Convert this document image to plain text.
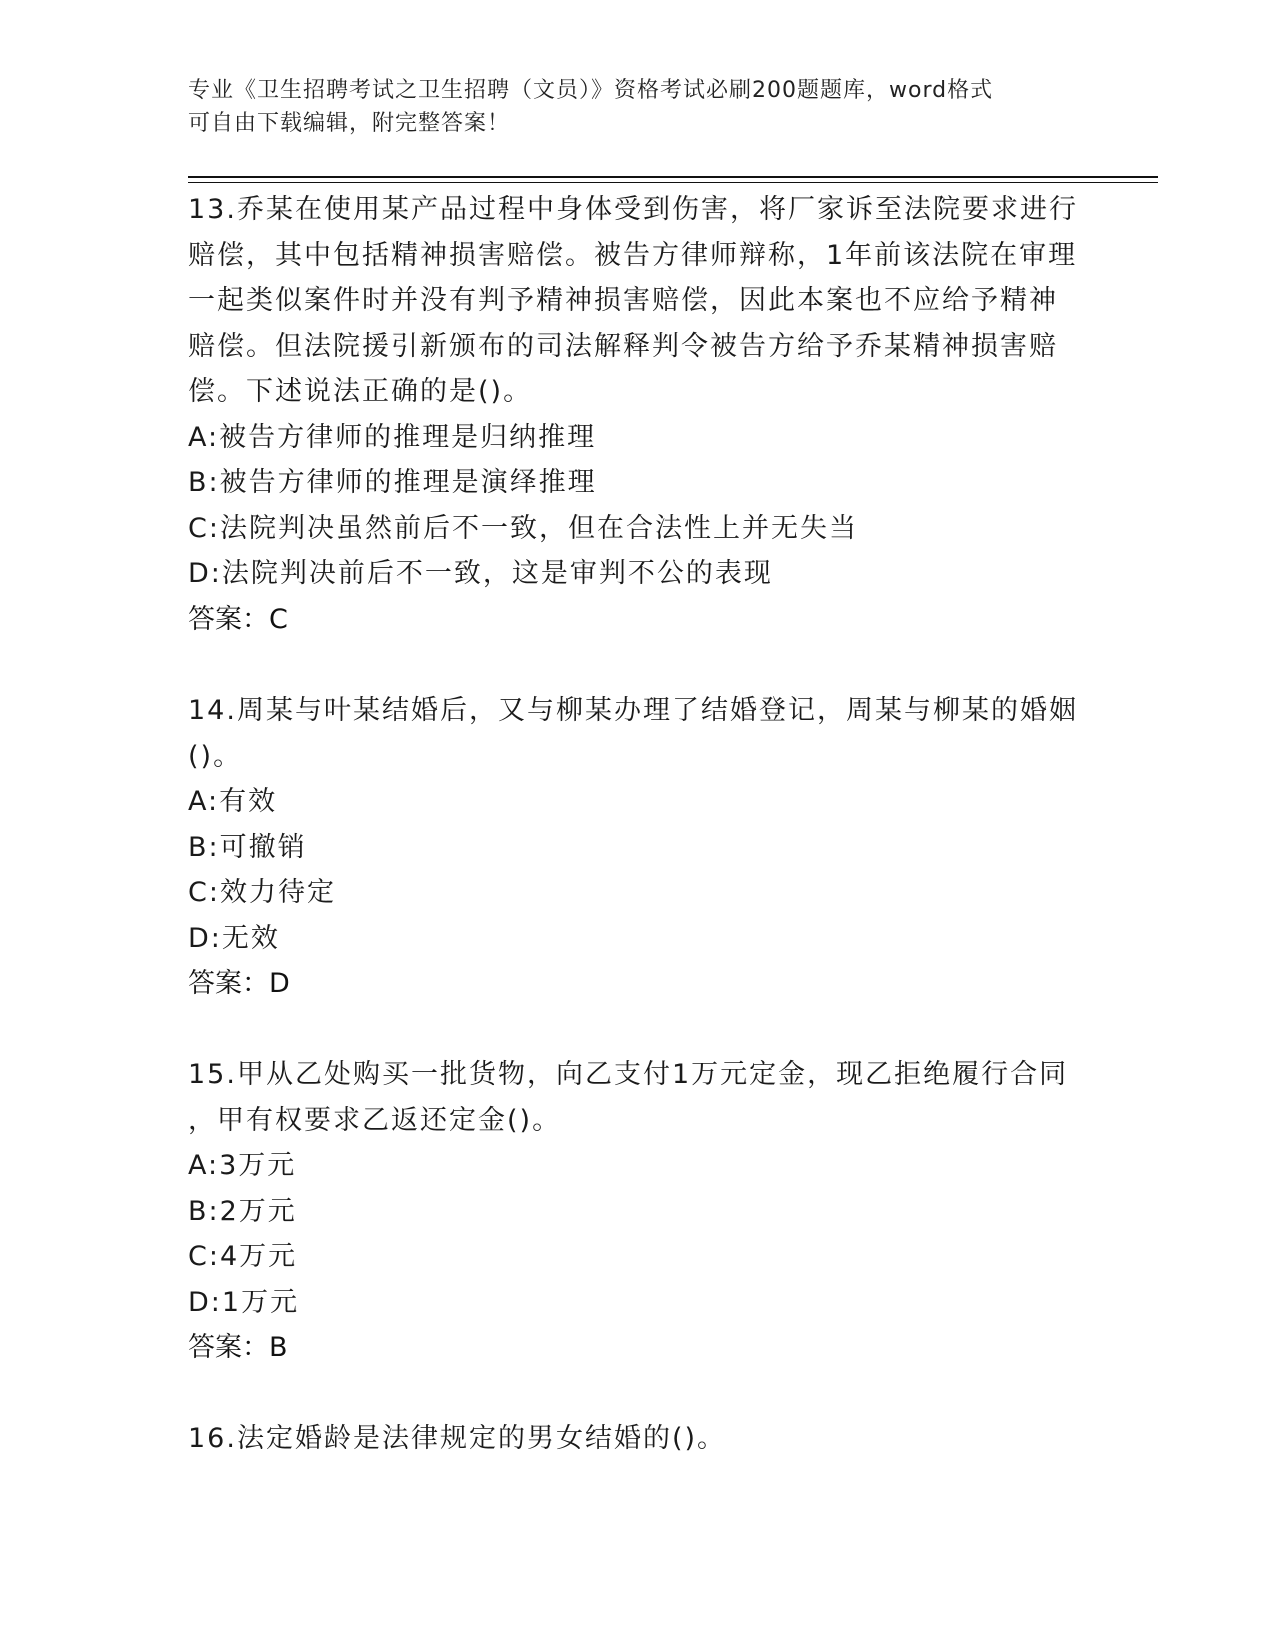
专业《卫生招聘考试之卫生招聘（文员）》资格考试必刷200题题库，word格式
可自由下载编辑，附完整答案！
13.乔某在使用某产品过程中身体受到伤害，将厂家诉至法院要求进行
赔偿，其中包括精神损害赔偿。被告方律师辩称，1年前该法院在审理
一起类似案件时并没有判予精神损害赔偿，因此本案也不应给予精神
赔偿。但法院援引新颁布的司法解释判令被告方给予乔某精神损害赔
偿。下述说法正确的是()。
A:被告方律师的推理是归纳推理
B:被告方律师的推理是演绎推理
C:法院判决虽然前后不一致，但在合法性上并无失当
D:法院判决前后不一致，这是审判不公的表现
答案：C
14.周某与叶某结婚后，又与柳某办理了结婚登记，周某与柳某的婚姻
()。
A:有效
B:可撤销
C:效力待定
D:无效
答案：D
15.甲从乙处购买一批货物，向乙支付1万元定金，现乙拒绝履行合同
，甲有权要求乙返还定金()。
A:3万元
B:2万元
C:4万元
D:1万元
答案：B
16.法定婚龄是法律规定的男女结婚的()。
